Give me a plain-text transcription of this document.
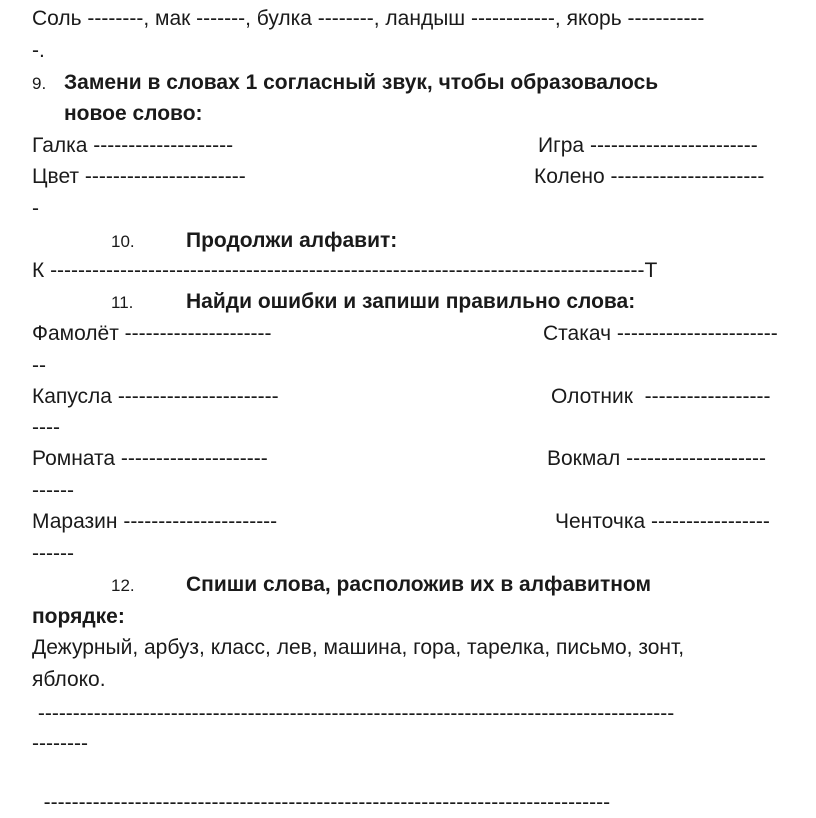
Соль --------, мак -------, булка --------, ландыш ------------, якорь -----------
-.
9. Замени в словах 1 согласный звук, чтобы образовалось
новое слово:
Галка --------------------	Игра ------------------------
Цвет -----------------------	Колено ----------------------
-
10. Продолжи алфавит:
К -------------------------------------------------------------------------------------Т
11.	Найди ошибки и запиши правильно слова:
Фамолёт ---------------------	Стакач -----------------------
--
Капусла -----------------------	Олотник  ------------------
----
Ромната ---------------------	Вокмал --------------------
------
Маразин ----------------------	Ченточка -----------------
------
12. Спиши слова, расположив их в алфавитном
порядке:
Дежурный, арбуз, класс, лев, машина, гора, тарелка, письмо, зонт,
яблоко.
-------------------------------------------------------------------------------------------
--------
---------------------------------------------------------------------------------
